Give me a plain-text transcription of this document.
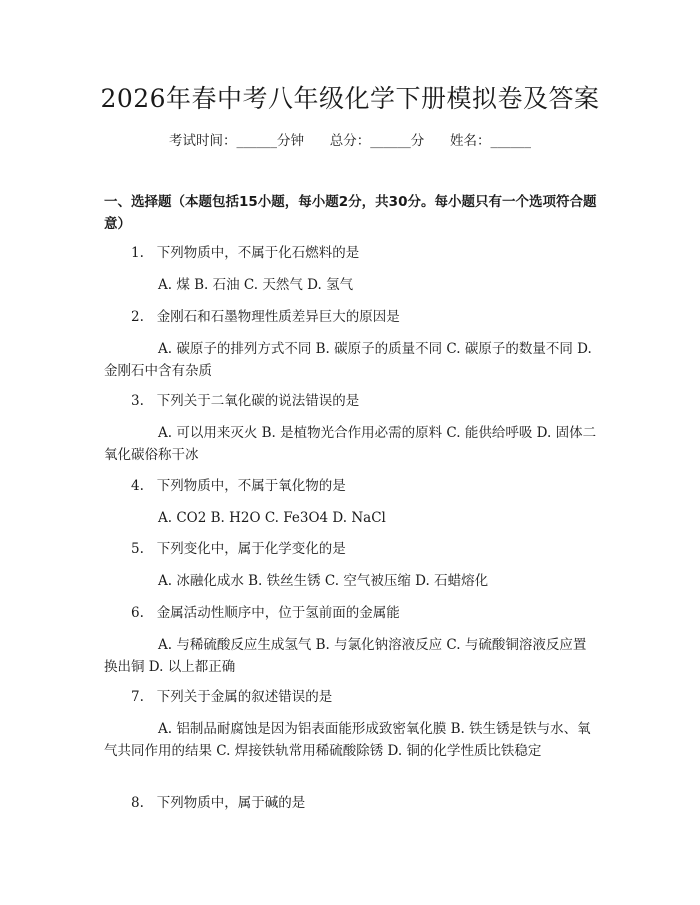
2026年春中考八年级化学下册模拟卷及答案
考试时间：______分钟      总分：______分      姓名：______
一、选择题（本题包括15小题，每小题2分，共30分。每小题只有一个选项符合题意）
1. 下列物质中，不属于化石燃料的是
A. 煤 B. 石油 C. 天然气 D. 氢气
2. 金刚石和石墨物理性质差异巨大的原因是
A. 碳原子的排列方式不同 B. 碳原子的质量不同 C. 碳原子的数量不同 D. 金刚石中含有杂质
3. 下列关于二氧化碳的说法错误的是
A. 可以用来灭火 B. 是植物光合作用必需的原料 C. 能供给呼吸 D. 固体二氧化碳俗称干冰
4. 下列物质中，不属于氧化物的是
A. CO2 B. H2O C. Fe3O4 D. NaCl
5. 下列变化中，属于化学变化的是
A. 冰融化成水 B. 铁丝生锈 C. 空气被压缩 D. 石蜡熔化
6. 金属活动性顺序中，位于氢前面的金属能
A. 与稀硫酸反应生成氢气 B. 与氯化钠溶液反应 C. 与硫酸铜溶液反应置换出铜 D. 以上都正确
7. 下列关于金属的叙述错误的是
A. 铝制品耐腐蚀是因为铝表面能形成致密氧化膜 B. 铁生锈是铁与水、氧气共同作用的结果 C. 焊接铁轨常用稀硫酸除锈 D. 铜的化学性质比铁稳定
8. 下列物质中，属于碱的是
